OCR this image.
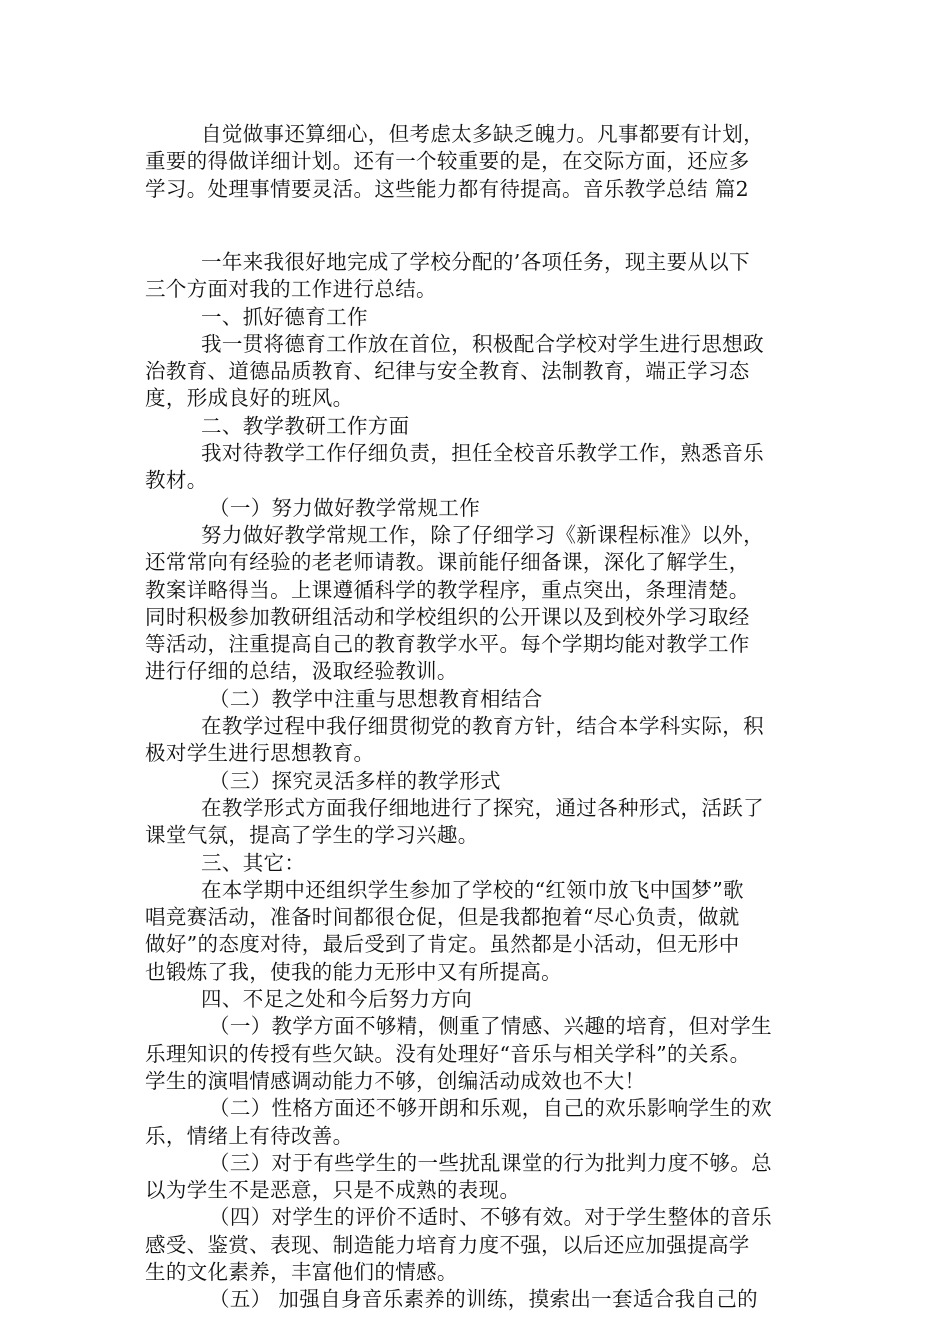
自觉做事还算细心，但考虑太多缺乏魄力。凡事都要有计划，
重要的得做详细计划。还有一个较重要的是，在交际方面，还应多
学习。处理事情要灵活。这些能力都有待提高。音乐教学总结 篇2
一年来我很好地完成了学校分配的’各项任务，现主要从以下
三个方面对我的工作进行总结。
一、抓好德育工作
我一贯将德育工作放在首位，积极配合学校对学生进行思想政
治教育、道德品质教育、纪律与安全教育、法制教育，端正学习态
度，形成良好的班风。
二、教学教研工作方面
我对待教学工作仔细负责，担任全校音乐教学工作，熟悉音乐
教材。
（一）努力做好教学常规工作
努力做好教学常规工作，除了仔细学习《新课程标准》以外，
还常常向有经验的老老师请教。课前能仔细备课，深化了解学生，
教案详略得当。上课遵循科学的教学程序，重点突出，条理清楚。
同时积极参加教研组活动和学校组织的公开课以及到校外学习取经
等活动，注重提高自己的教育教学水平。每个学期均能对教学工作
进行仔细的总结，汲取经验教训。
（二）教学中注重与思想教育相结合
在教学过程中我仔细贯彻党的教育方针，结合本学科实际，积
极对学生进行思想教育。
（三）探究灵活多样的教学形式
在教学形式方面我仔细地进行了探究，通过各种形式，活跃了
课堂气氛，提高了学生的学习兴趣。
三、其它：
在本学期中还组织学生参加了学校的“红领巾放飞中国梦”歌
唱竞赛活动，准备时间都很仓促，但是我都抱着“尽心负责，做就
做好”的态度对待，最后受到了肯定。虽然都是小活动，但无形中
也锻炼了我，使我的能力无形中又有所提高。
四、不足之处和今后努力方向
（一）教学方面不够精，侧重了情感、兴趣的培育，但对学生
乐理知识的传授有些欠缺。没有处理好“音乐与相关学科”的关系。
学生的演唱情感调动能力不够，创编活动成效也不大！
（二）性格方面还不够开朗和乐观，自己的欢乐影响学生的欢
乐，情绪上有待改善。
（三）对于有些学生的一些扰乱课堂的行为批判力度不够。总
以为学生不是恶意，只是不成熟的表现。
（四）对学生的评价不适时、不够有效。对于学生整体的音乐
感受、鉴赏、表现、制造能力培育力度不强，以后还应加强提高学
生的文化素养，丰富他们的情感。
（五） 加强自身音乐素养的训练，摸索出一套适合我自己的
